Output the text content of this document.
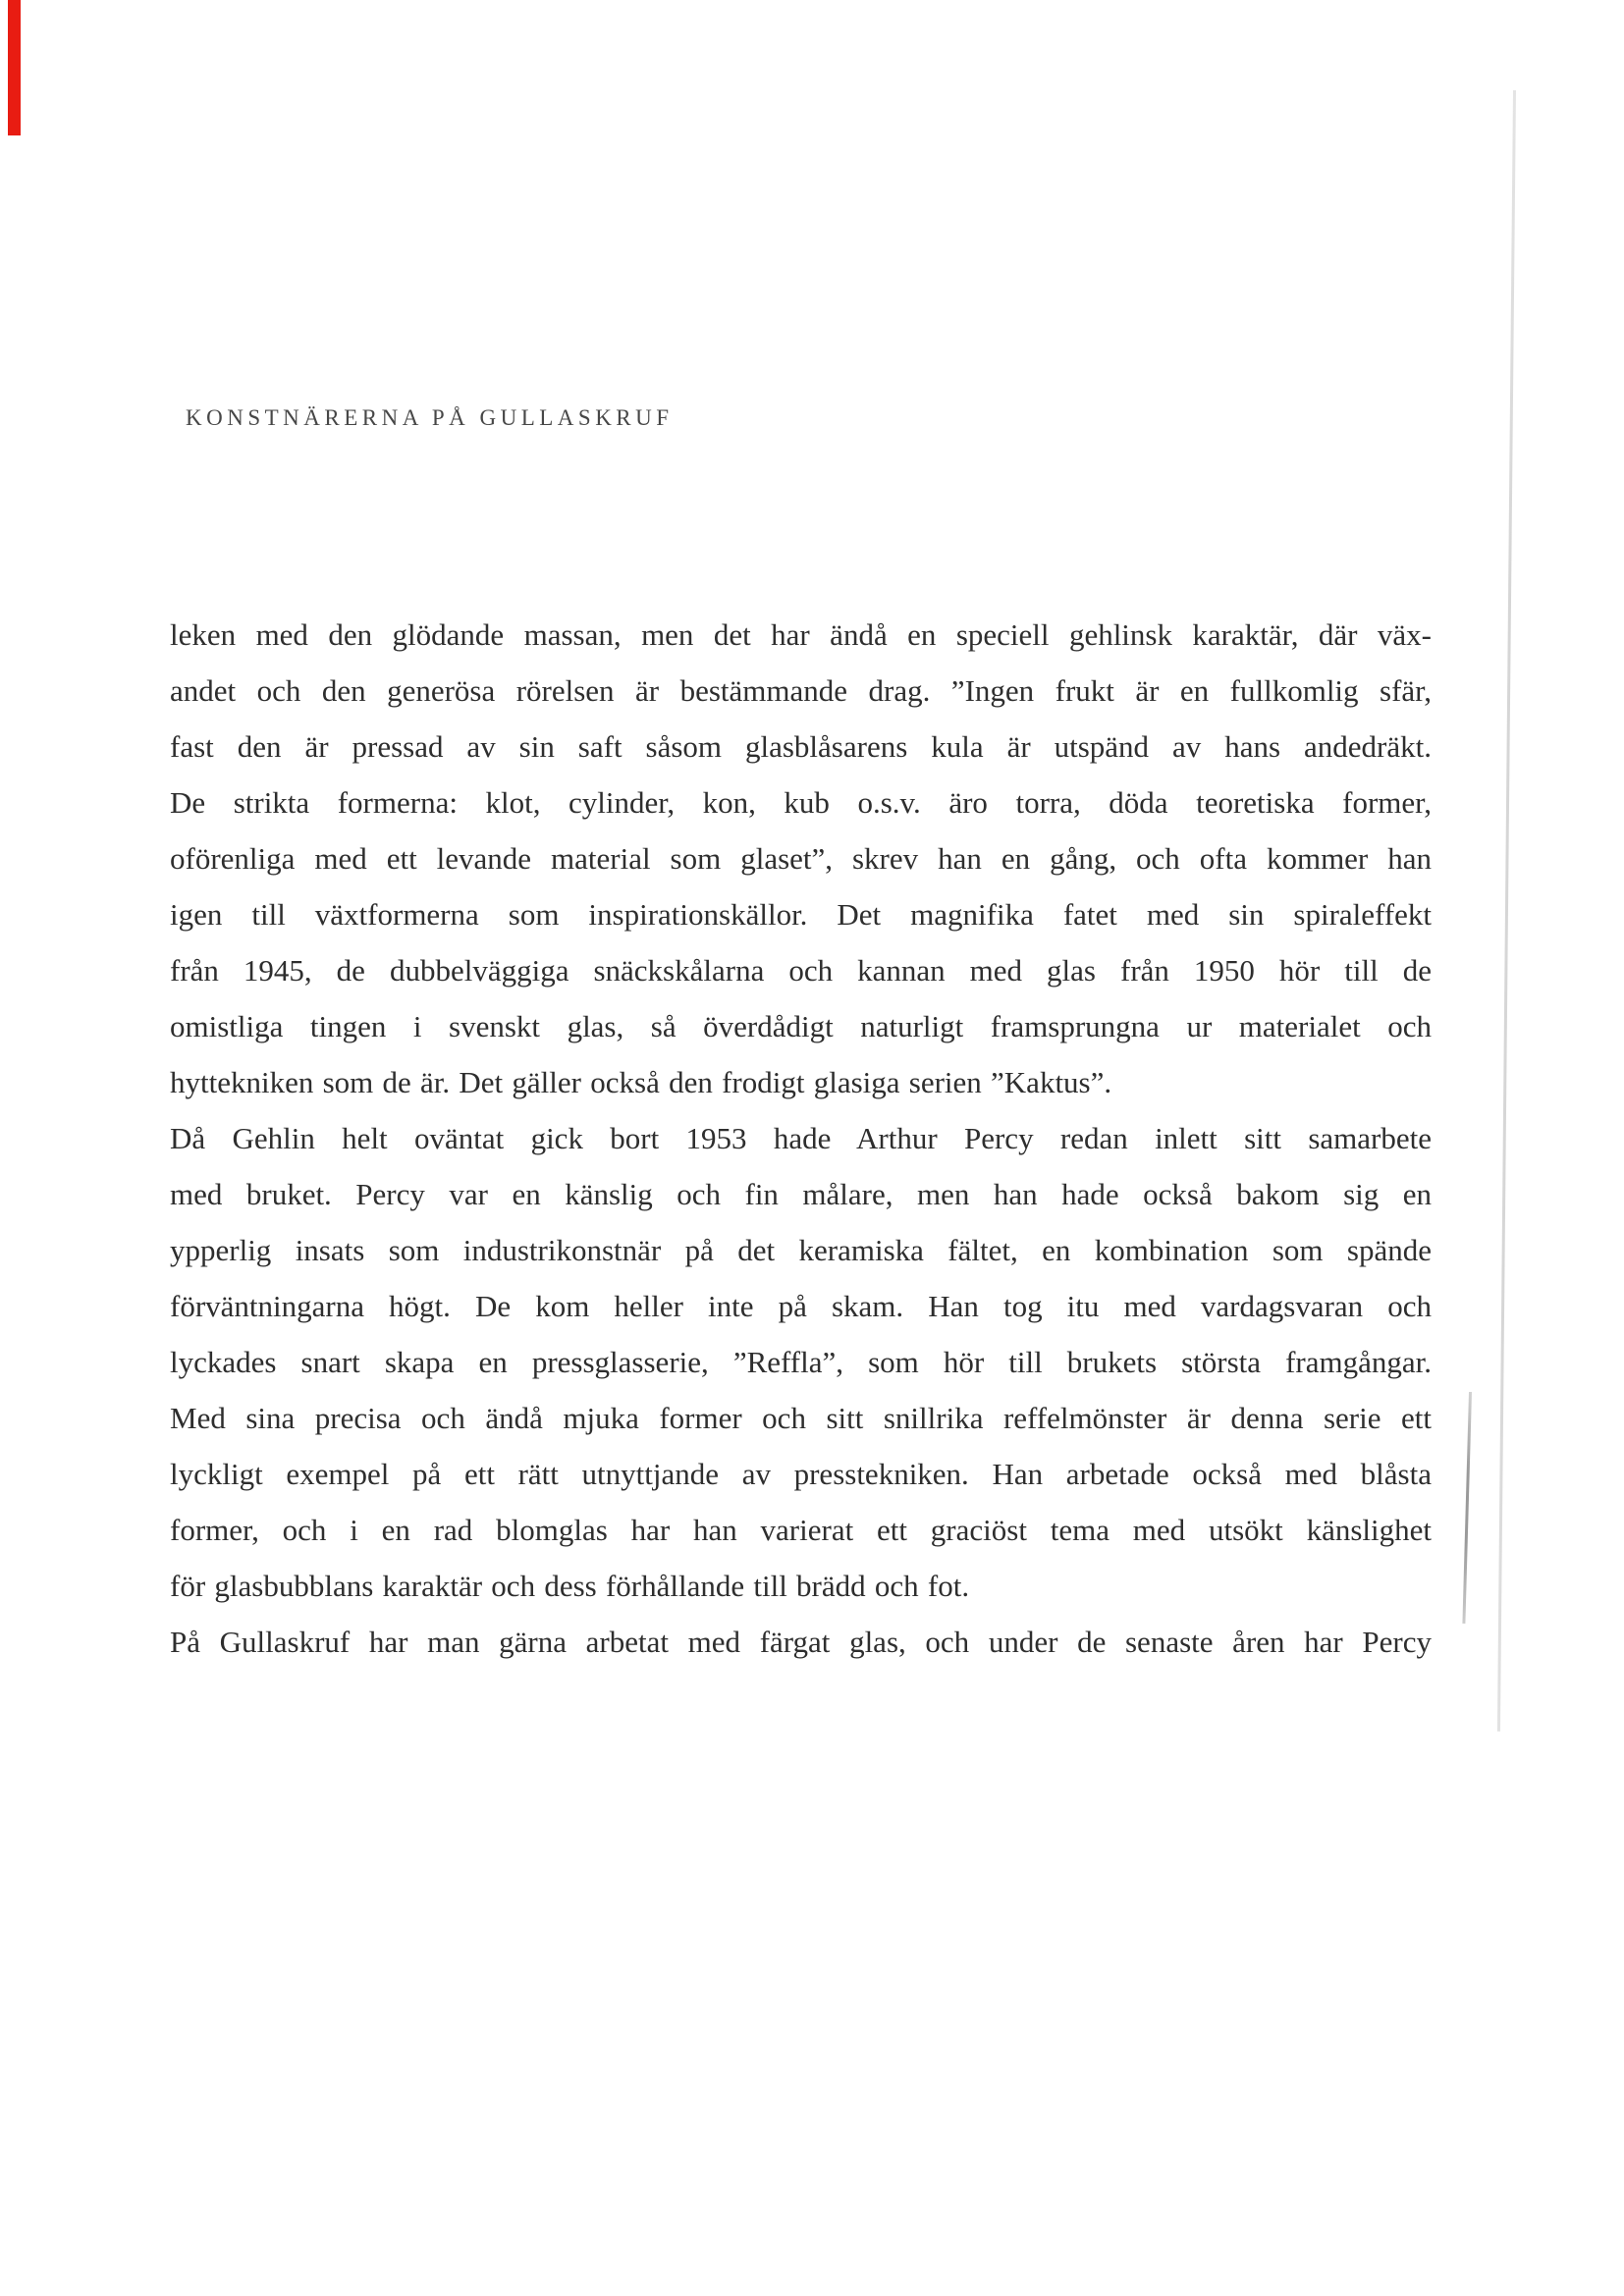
KONSTNÄRERNA PÅ GULLASKRUF
leken med den glödande massan, men det har ändå en speciell gehlinsk karaktär, där väx-
andet och den generösa rörelsen är bestämmande drag. ”Ingen frukt är en fullkomlig sfär,
fast den är pressad av sin saft såsom glasblåsarens kula är utspänd av hans andedräkt.
De strikta formerna: klot, cylinder, kon, kub o.s.v. äro torra, döda teoretiska former,
oförenliga med ett levande material som glaset”, skrev han en gång, och ofta kommer han
igen till växtformerna som inspirationskällor. Det magnifika fatet med sin spiraleffekt
från 1945, de dubbelväggiga snäckskålarna och kannan med glas från 1950 hör till de
omistliga tingen i svenskt glas, så överdådigt naturligt framsprungna ur materialet och
hyttekniken som de är. Det gäller också den frodigt glasiga serien ”Kaktus”.
Då Gehlin helt oväntat gick bort 1953 hade Arthur Percy redan inlett sitt samarbete
med bruket. Percy var en känslig och fin målare, men han hade också bakom sig en
ypperlig insats som industrikonstnär på det keramiska fältet, en kombination som spände
förväntningarna högt. De kom heller inte på skam. Han tog itu med vardagsvaran och
lyckades snart skapa en pressglasserie, ”Reffla”, som hör till brukets största framgångar.
Med sina precisa och ändå mjuka former och sitt snillrika reffelmönster är denna serie ett
lyckligt exempel på ett rätt utnyttjande av presstekniken. Han arbetade också med blåsta
former, och i en rad blomglas har han varierat ett graciöst tema med utsökt känslighet
för glasbubblans karaktär och dess förhållande till brädd och fot.
På Gullaskruf har man gärna arbetat med färgat glas, och under de senaste åren har Percy
